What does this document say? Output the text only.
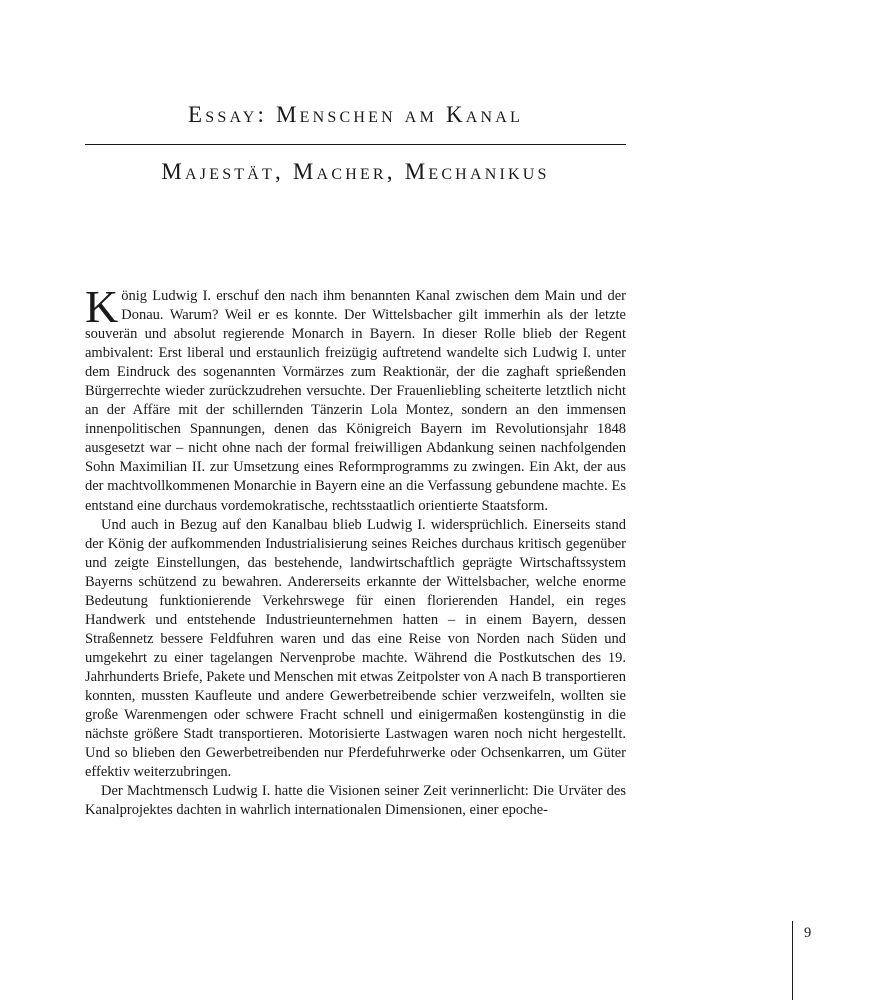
Essay: Menschen am Kanal
Majestät, Macher, Mechanikus

König Ludwig I. erschuf den nach ihm benannten Kanal zwischen dem Main und der Donau. Warum? Weil er es konnte. Der Wittelsbacher gilt immerhin als der letzte souverän und absolut regierende Monarch in Bayern. In dieser Rolle blieb der Regent ambivalent: Erst liberal und erstaunlich freizügig auftretend wandelte sich Ludwig I. unter dem Eindruck des sogenannten Vormärzes zum Reaktionär, der die zaghaft sprießenden Bürgerrechte wieder zurückzudrehen versuchte. Der Frauenliebling scheiterte letztlich nicht an der Affäre mit der schillernden Tänzerin Lola Montez, sondern an den immensen innenpolitischen Spannungen, denen das Königreich Bayern im Revolutionsjahr 1848 ausgesetzt war – nicht ohne nach der formal freiwilligen Abdankung seinen nachfolgenden Sohn Maximilian II. zur Umsetzung eines Reformprogramms zu zwingen. Ein Akt, der aus der machtvollkommenen Monarchie in Bayern eine an die Verfassung gebundene machte. Es entstand eine durchaus vordemokratische, rechtsstaatlich orientierte Staatsform.

Und auch in Bezug auf den Kanalbau blieb Ludwig I. widersprüchlich. Einerseits stand der König der aufkommenden Industrialisierung seines Reiches durchaus kritisch gegenüber und zeigte Einstellungen, das bestehende, landwirtschaftlich geprägte Wirtschaftssystem Bayerns schützend zu bewahren. Andererseits erkannte der Wittelsbacher, welche enorme Bedeutung funktionierende Verkehrswege für einen florierenden Handel, ein reges Handwerk und entstehende Industrieunternehmen hatten – in einem Bayern, dessen Straßennetz bessere Feldfuhren waren und das eine Reise von Norden nach Süden und umgekehrt zu einer tagelangen Nervenprobe machte. Während die Postkutschen des 19. Jahrhunderts Briefe, Pakete und Menschen mit etwas Zeitpolster von A nach B transportieren konnten, mussten Kaufleute und andere Gewerbetreibende schier verzweifeln, wollten sie große Warenmengen oder schwere Fracht schnell und einigermaßen kostengünstig in die nächste größere Stadt transportieren. Motorisierte Lastwagen waren noch nicht hergestellt. Und so blieben den Gewerbetreibenden nur Pferdefuhrwerke oder Ochsenkarren, um Güter effektiv weiterzubringen.

Der Machtmensch Ludwig I. hatte die Visionen seiner Zeit verinnerlicht: Die Urväter des Kanalprojektes dachten in wahrlich internationalen Dimensionen, einer epoche-

9
